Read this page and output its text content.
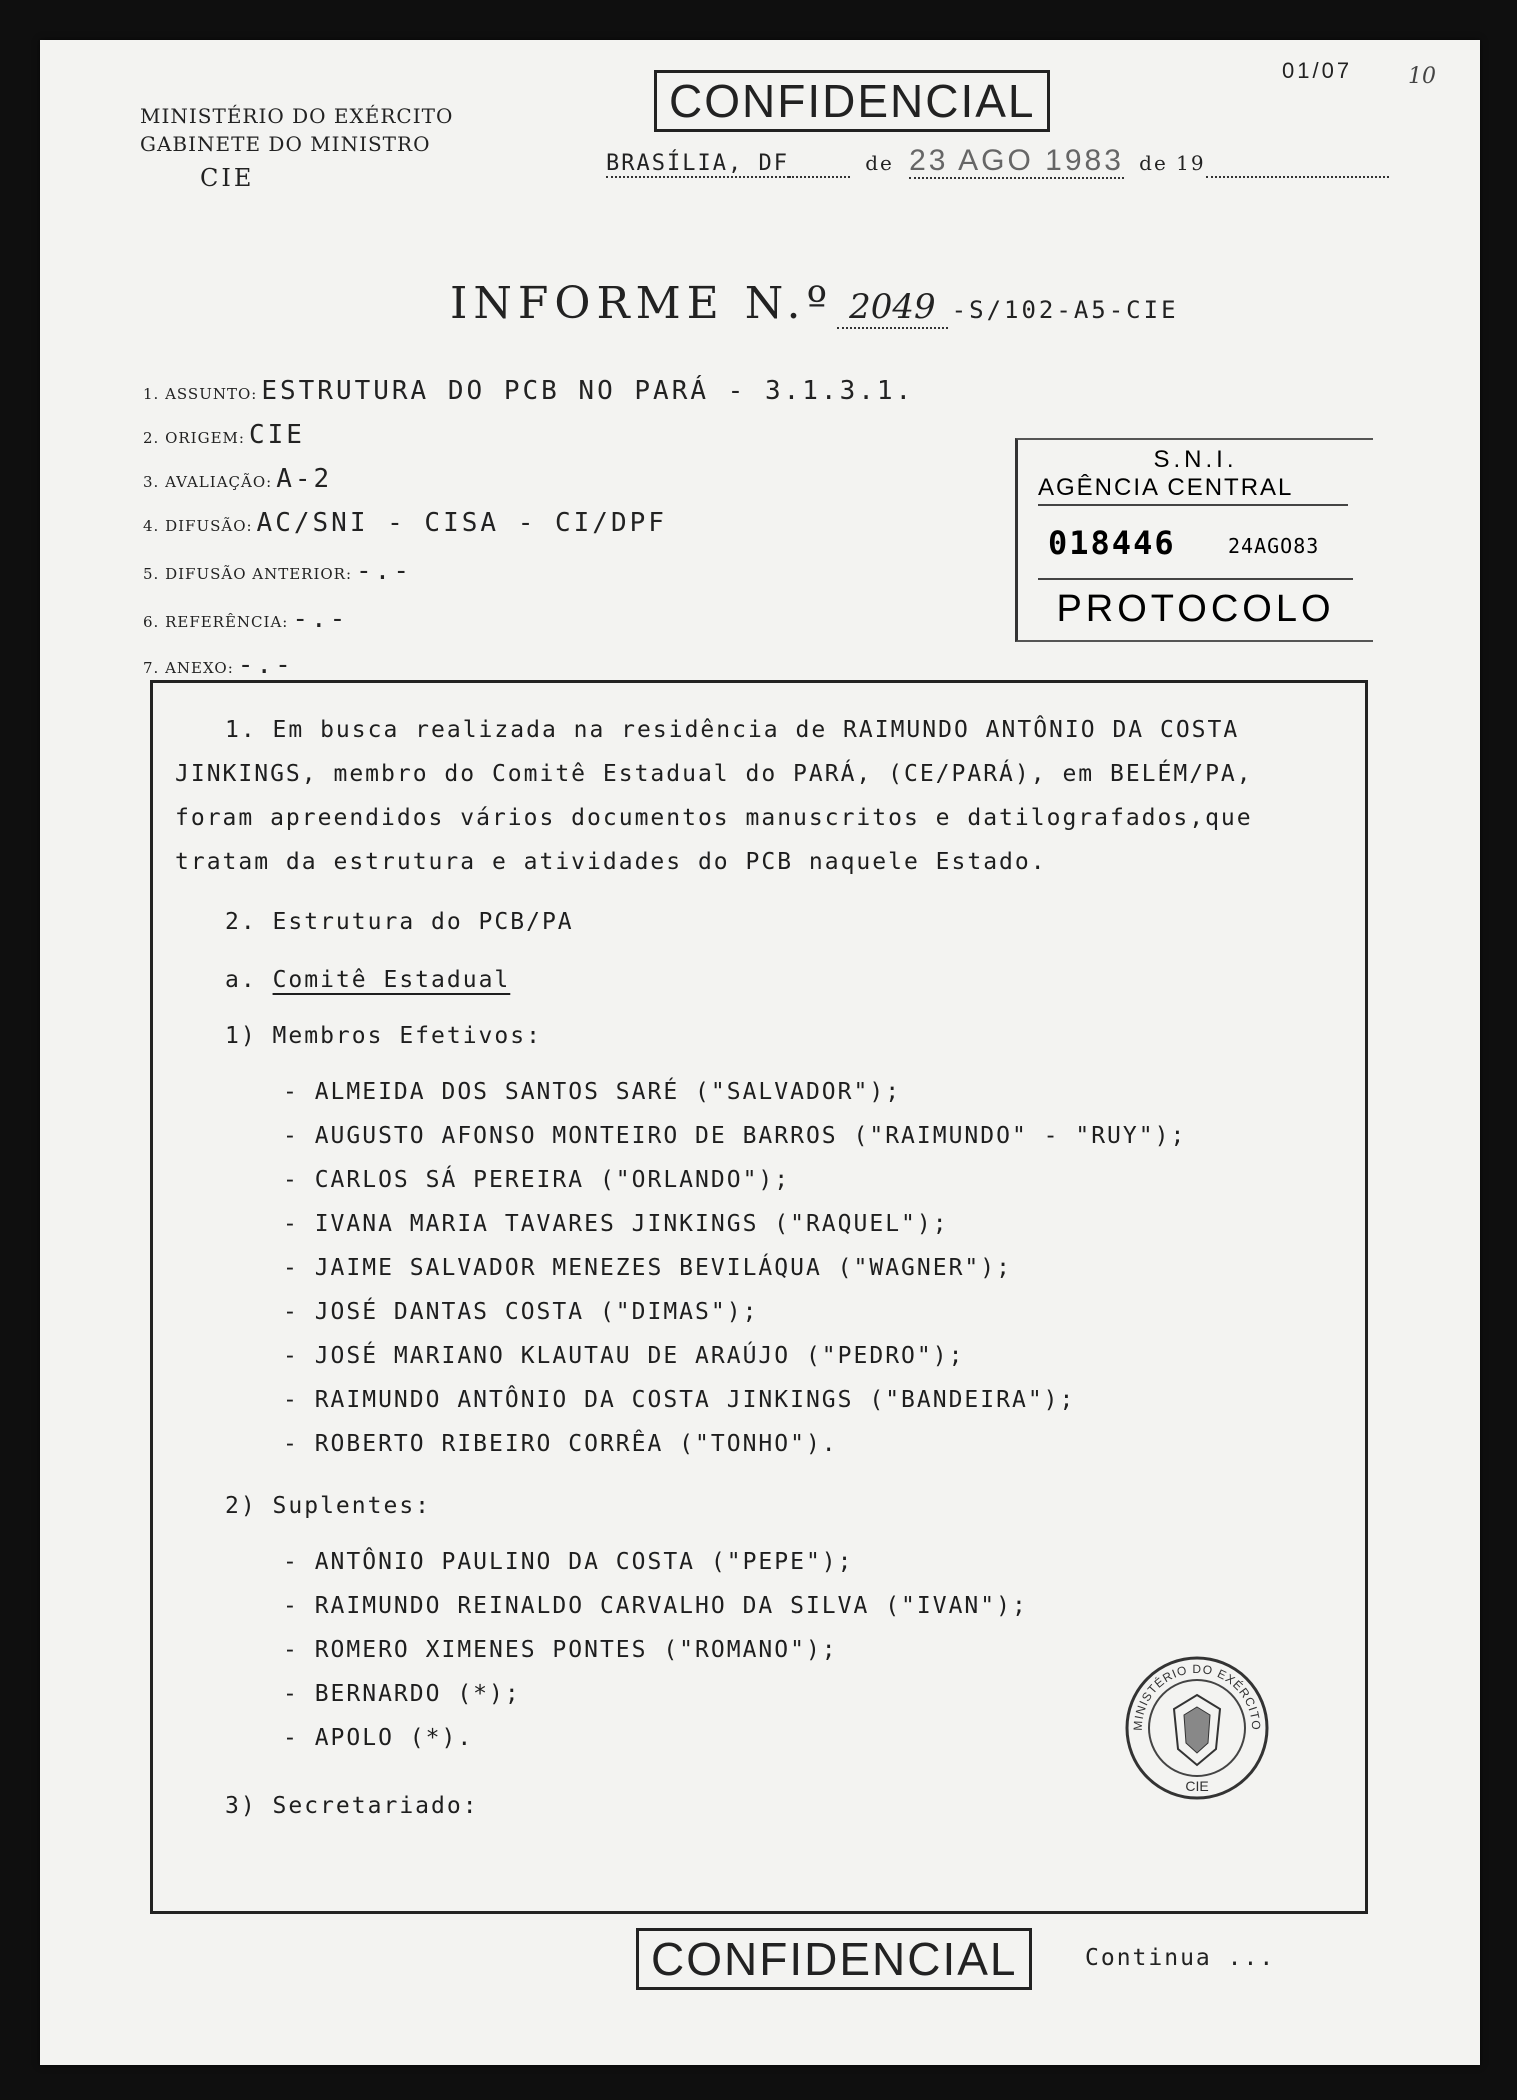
01/07	10
MINISTÉRIO DO EXÉRCITO
GABINETE DO MINISTRO
CIE
CONFIDENCIAL
BRASÍLIA, DF	de 23 AGO 1983 de 19
INFORME N.º 2049 -S/102-A5-CIE
1. ASSUNTO: ESTRUTURA DO PCB NO PARÁ - 3.1.3.1.
2. ORIGEM: CIE
3. AVALIAÇÃO: A-2
4. DIFUSÃO: AC/SNI - CISA - CI/DPF
5. DIFUSÃO ANTERIOR: -.-
6. REFERÊNCIA: -.-
7. ANEXO: -.-
S.N.I.
AGÊNCIA CENTRAL
018446	24AGO83
PROTOCOLO
1. Em busca realizada na residência de RAIMUNDO ANTÔNIO DA COSTA
JINKINGS, membro do Comitê Estadual do PARÁ, (CE/PARÁ), em BELÉM/PA,
foram apreendidos vários documentos manuscritos e datilografados,que
tratam da estrutura e atividades do PCB naquele Estado.
2. Estrutura do PCB/PA
a. Comitê Estadual
1) Membros Efetivos:
- ALMEIDA DOS SANTOS SARÉ ("SALVADOR");
- AUGUSTO AFONSO MONTEIRO DE BARROS ("RAIMUNDO" - "RUY");
- CARLOS SÁ PEREIRA ("ORLANDO");
- IVANA MARIA TAVARES JINKINGS ("RAQUEL");
- JAIME SALVADOR MENEZES BEVILÁQUA ("WAGNER");
- JOSÉ DANTAS COSTA ("DIMAS");
- JOSÉ MARIANO KLAUTAU DE ARAÚJO ("PEDRO");
- RAIMUNDO ANTÔNIO DA COSTA JINKINGS ("BANDEIRA");
- ROBERTO RIBEIRO CORRÊA ("TONHO").
2) Suplentes:
- ANTÔNIO PAULINO DA COSTA ("PEPE");
- RAIMUNDO REINALDO CARVALHO DA SILVA ("IVAN");
- ROMERO XIMENES PONTES ("ROMANO");
- BERNARDO (*);
- APOLO (*).
3) Secretariado:
MINISTÉRIO DO EXÉRCITO
CIE
CONFIDENCIAL	Continua ...
